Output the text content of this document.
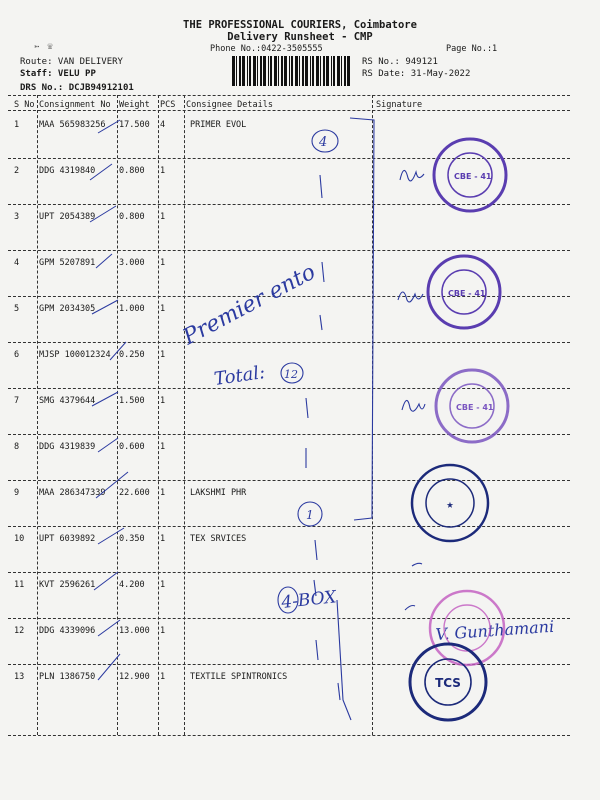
THE PROFESSIONAL COURIERS, Coimbatore
Delivery Runsheet - CMP
Phone No.:0422-3505555	Page No.:1
➳☏
Route: VAN DELIVERY
Staff: VELU PP
DRS No.: DCJB94912101
RS No.: 949121
RS Date: 31-May-2022
S No Consignment No Weight PCS Consignee Details	Signature
1 MAA 565983256 17.500 4	PRIMER EVOL
2 DDG 4319840	0.800 1
3 UPT 2054389	0.800 1
4 GPM 5207891	3.000 1
5 GPM 2034305	1.000 1
6 MJSP 100012324 0.250 1
7 SMG 4379644	1.500 1
8 DDG 4319839	0.600 1
9 MAA 286347339 22.600 1	LAKSHMI PHR
10 UPT 6039892	0.350 1	TEX SRVICES
11 KVT 2596261	4.200 1
12 DDG 4339096	13.000 1
13 PLN 1386750	12.900 1	TEXTILE SPINTRONICS
4
12
1
Premier ento
Total:
4-BOX
V. Gunthamani
CBE - 41
CBE - 41
CBE - 41
★
TCS
